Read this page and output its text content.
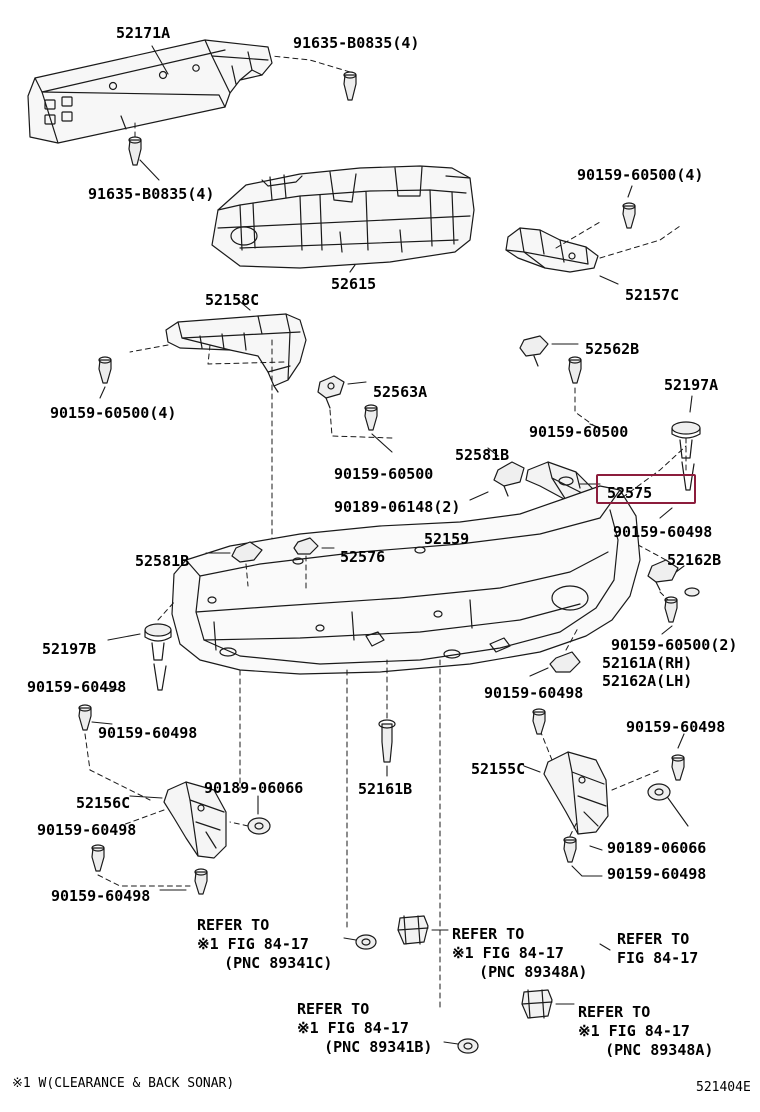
52171A
91635-B0835(4)
91635-B0835(4)
52615
90159-60500(4)
52157C
52158C
52562B
52197A
52563A
90159-60500(4)
90159-60500
52581B
90159-60500
52575
90189-06148(2)
90159-60498
52159
52581B	52576	52162B
52197B
90159-60498
90159-60500(2)
52161A(RH)
52162A(LH)
90159-60498
90159-60498	90159-60498
90189-06066	52161B
52155C
52156C
90159-60498
90189-06066
90159-60498
90159-60498
REFER TO
※1 FIG 84-17
(PNC 89341C)
REFER TO
※1 FIG 84-17
(PNC 89348A)
REFER TO
FIG 84-17
REFER TO
※1 FIG 84-17
(PNC 89341B)
REFER TO
※1 FIG 84-17
(PNC 89348A)
※1 W(CLEARANCE & BACK SONAR)	521404E
